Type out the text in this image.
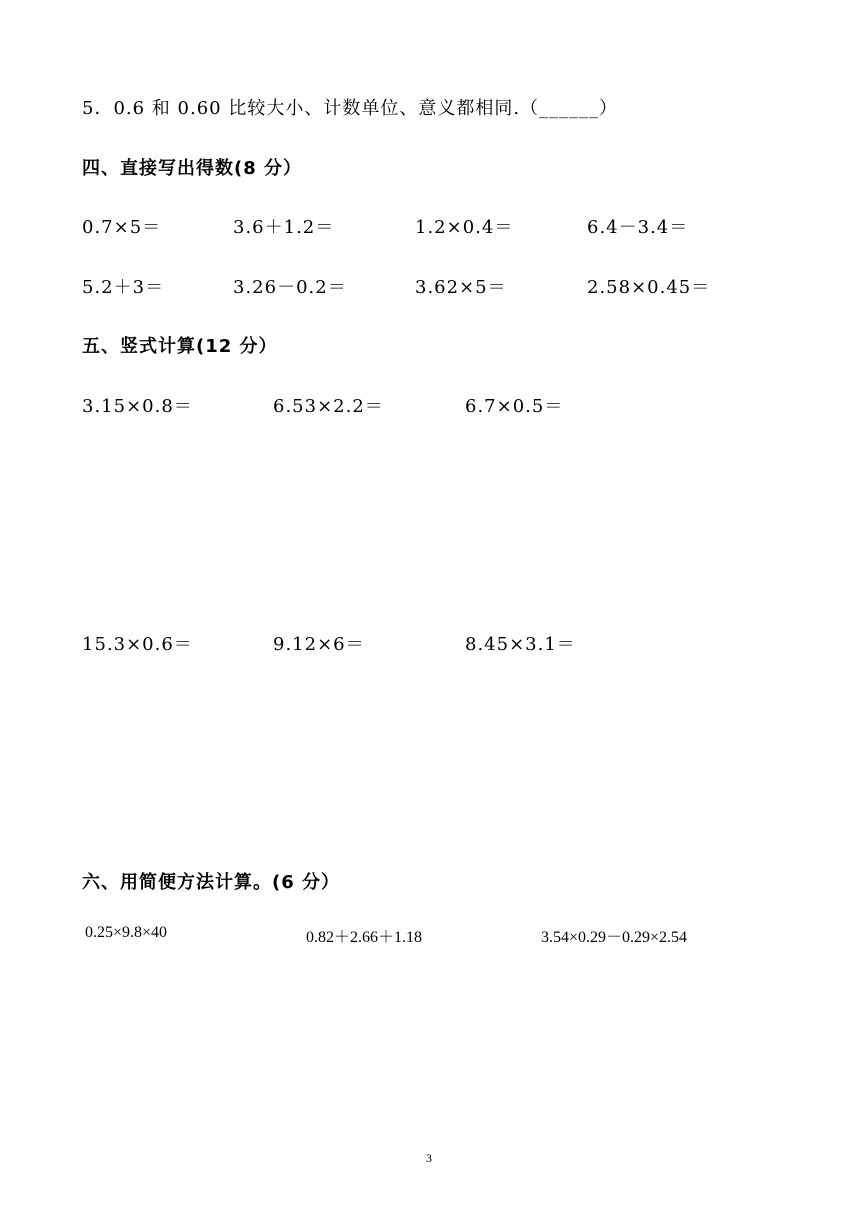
5．0.6 和 0.60 比较大小、计数单位、意义都相同.（______）
四、直接写出得数(8 分）
0.7×5＝	3.6＋1.2＝	1.2×0.4＝	6.4－3.4＝
5.2＋3＝	3.26－0.2＝	3.62×5＝	2.58×0.45＝
五、竖式计算(12 分）
3.15×0.8＝	6.53×2.2＝	6.7×0.5＝
15.3×0.6＝	9.12×6＝	8.45×3.1＝
六、用简便方法计算。(6 分）
0.25×9.8×40	0.82＋2.66＋1.18	3.54×0.29－0.29×2.54
3
